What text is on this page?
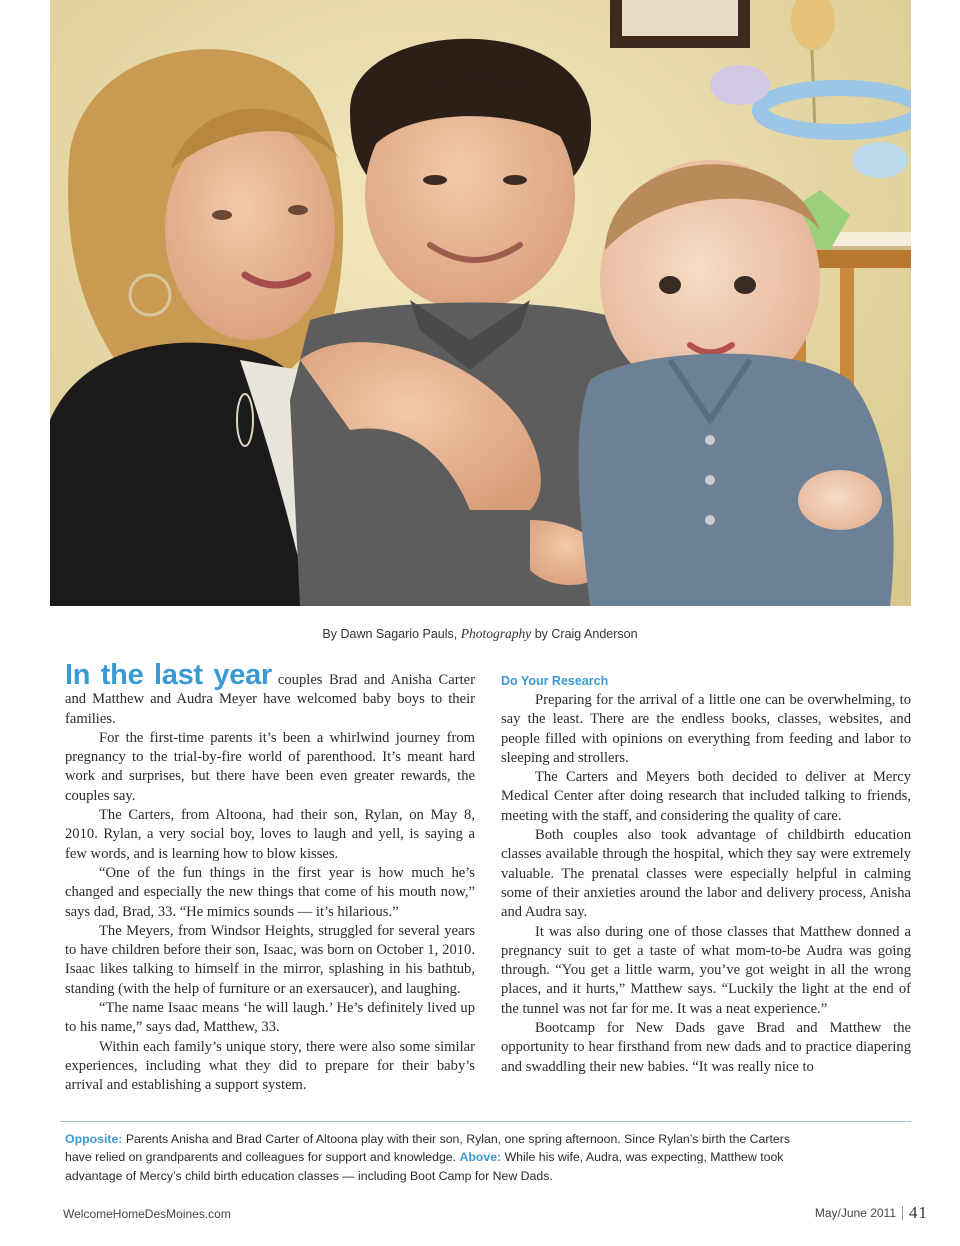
By Dawn Sagario Pauls, Photography by Craig Anderson

In the last year couples Brad and Anisha Carter and Matthew and Audra Meyer have welcomed baby boys to their families.

For the first-time parents it’s been a whirlwind journey from pregnancy to the trial-by-fire world of parenthood. It’s meant hard work and surprises, but there have been even greater rewards, the couples say.

The Carters, from Altoona, had their son, Rylan, on May 8, 2010. Rylan, a very social boy, loves to laugh and yell, is saying a few words, and is learning how to blow kisses.

“One of the fun things in the first year is how much he’s changed and especially the new things that come of his mouth now,” says dad, Brad, 33. “He mimics sounds — it’s hilarious.”

The Meyers, from Windsor Heights, struggled for several years to have children before their son, Isaac, was born on October 1, 2010. Isaac likes talking to himself in the mirror, splashing in his bathtub, standing (with the help of furniture or an exersaucer), and laughing.

“The name Isaac means ‘he will laugh.’ He’s definitely lived up to his name,” says dad, Matthew, 33.

Within each family’s unique story, there were also some similar experiences, including what they did to prepare for their baby’s arrival and establishing a support system.

Do Your Research

Preparing for the arrival of a little one can be overwhelming, to say the least. There are the endless books, classes, websites, and people filled with opinions on everything from feeding and labor to sleeping and strollers.

The Carters and Meyers both decided to deliver at Mercy Medical Center after doing research that included talking to friends, meeting with the staff, and considering the quality of care.

Both couples also took advantage of childbirth education classes available through the hospital, which they say were extremely valuable. The prenatal classes were especially helpful in calming some of their anxieties around the labor and delivery process, Anisha and Audra say.

It was also during one of those classes that Matthew donned a pregnancy suit to get a taste of what mom-to-be Audra was going through. “You get a little warm, you’ve got weight in all the wrong places, and it hurts,” Matthew says. “Luckily the light at the end of the tunnel was not far for me. It was a neat experience.”

Bootcamp for New Dads gave Brad and Matthew the opportunity to hear firsthand from new dads and to practice diapering and swaddling their new babies. “It was really nice to

Opposite: Parents Anisha and Brad Carter of Altoona play with their son, Rylan, one spring afternoon. Since Rylan’s birth the Carters have relied on grandparents and colleagues for support and knowledge. Above: While his wife, Audra, was expecting, Matthew took advantage of Mercy’s child birth education classes — including Boot Camp for New Dads.
WelcomeHomeDesMoines.com	May/June 2011 41
